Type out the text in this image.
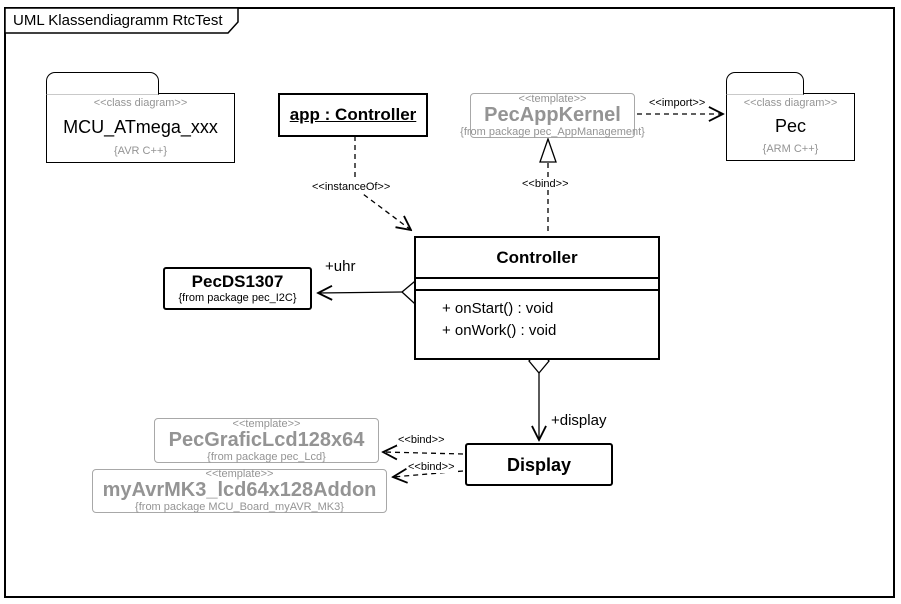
UML Klassendiagramm RtcTest
<<class diagram>>
MCU_ATmega_xxx
{AVR C++}
app : Controller
<<template>>
PecAppKernel
{from package pec_AppManagement}
<<class diagram>>
Pec
{ARM C++}
Controller
+ onStart() : void
+ onWork() : void
PecDS1307
{from package pec_I2C}
Display
<<template>>
PecGraficLcd128x64
{from package pec_Lcd}
<<template>>
myAvrMK3_lcd64x128Addon
{from package MCU_Board_myAVR_MK3}
<<instanceOf>>	<<bind>>
<<import>>
+uhr
+display
<<bind>>
<<bind>>
